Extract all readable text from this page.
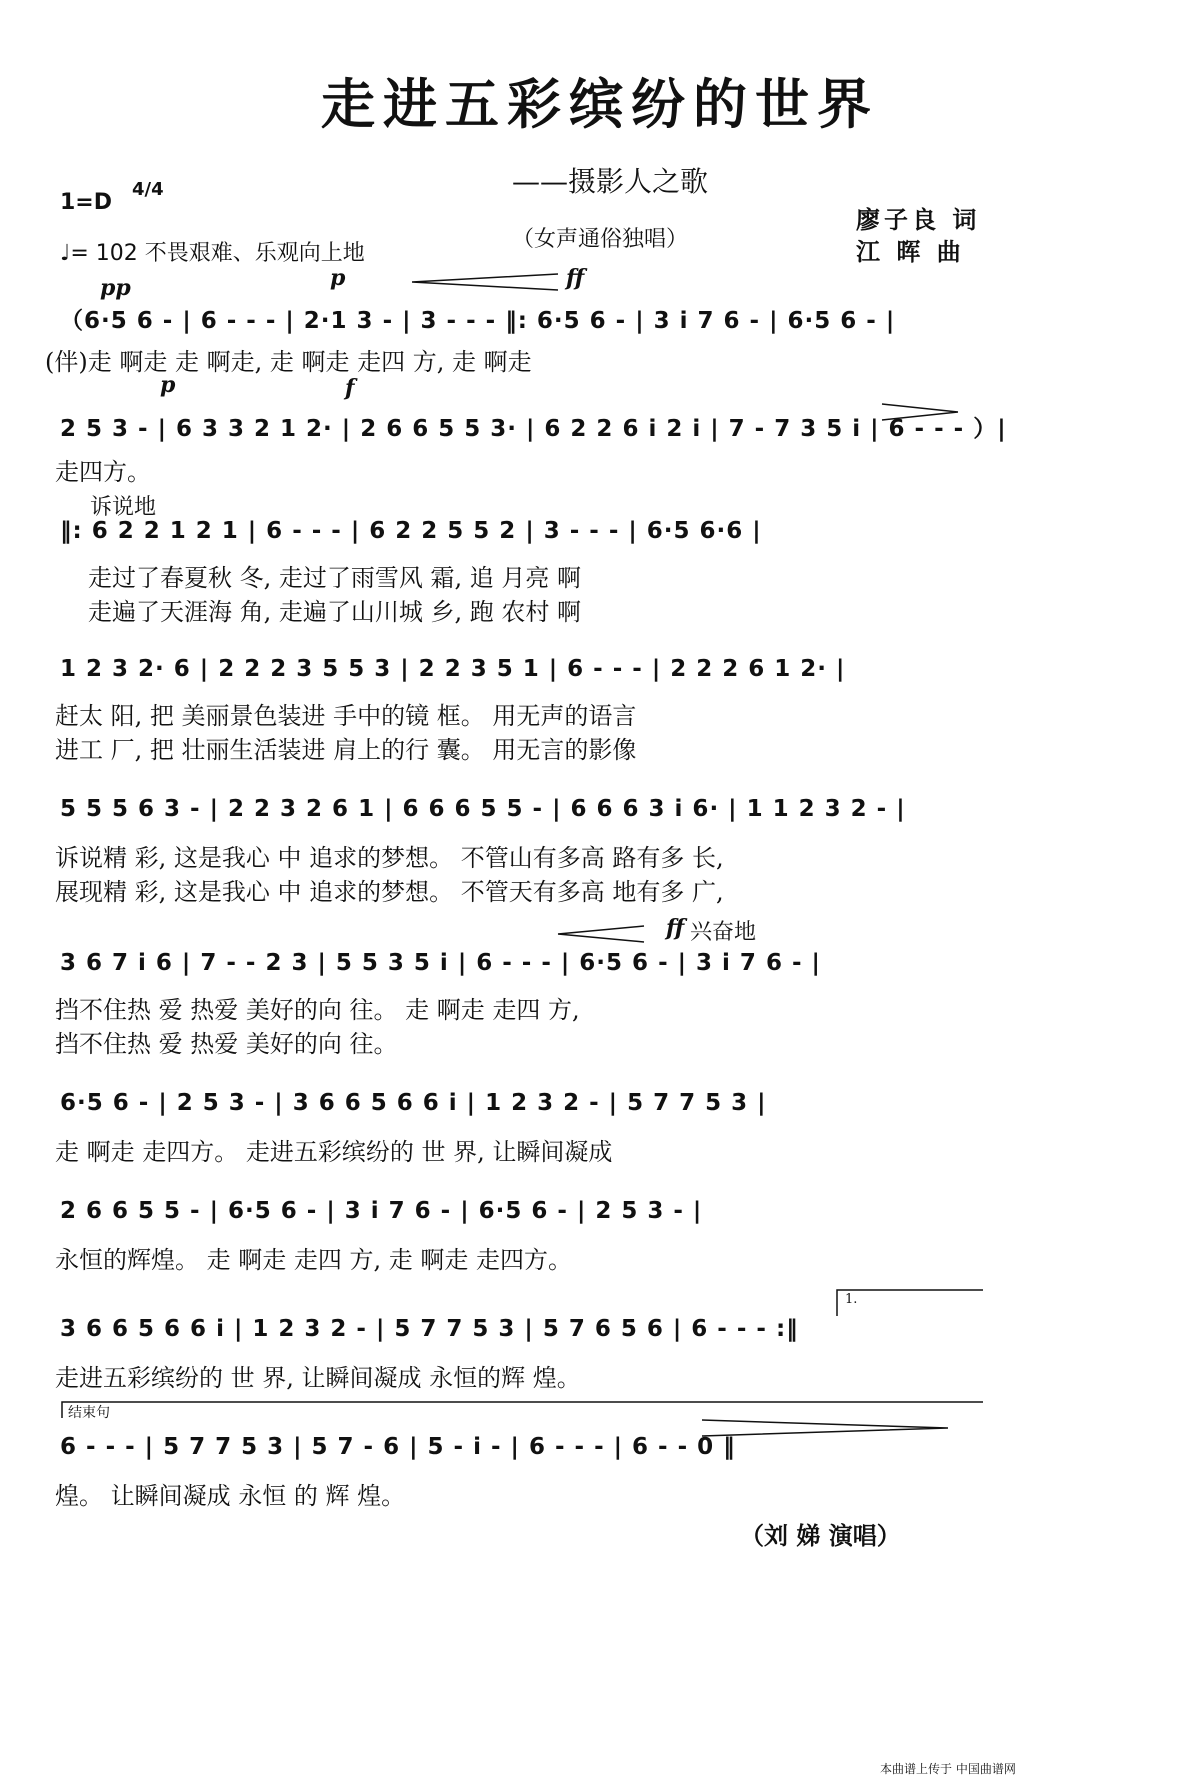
走进五彩缤纷的世界
——摄影人之歌
（女声通俗独唱）
1=D
4/4
♩= 102 不畏艰难、乐观向上地
廖子良 词
江 晖 曲
pp	p	ff
p	f
诉说地
ff 兴奋地
1.
结束句
（6·5 6 - | 6 - - - | 2·1 3 - | 3 - - - ‖: 6·5 6 - | 3 i 7 6 - | 6·5 6 - |
(伴)走 啊走 走 啊走, 走 啊走 走四 方, 走 啊走
2 5 3 - | 6 3 3 2 1 2· | 2 6 6 5 5 3· | 6 2 2 6 i 2 i | 7 - 7 3 5 i | 6 - - - ）|
走四方。
‖: 6 2 2 1 2 1 | 6 - - - | 6 2 2 5 5 2 | 3 - - - | 6·5 6·6 |
走过了春夏秋 冬, 走过了雨雪风 霜, 追 月亮 啊
走遍了天涯海 角, 走遍了山川城 乡, 跑 农村 啊
1 2 3 2· 6 | 2 2 2 3 5 5 3 | 2 2 3 5 1 | 6 - - - | 2 2 2 6 1 2· |
赶太 阳, 把 美丽景色装进 手中的镜 框。 用无声的语言
进工 厂, 把 壮丽生活装进 肩上的行 囊。 用无言的影像
5 5 5 6 3 - | 2 2 3 2 6 1 | 6 6 6 5 5 - | 6 6 6 3 i 6· | 1 1 2 3 2 - |
诉说精 彩, 这是我心 中 追求的梦想。 不管山有多高 路有多 长,
展现精 彩, 这是我心 中 追求的梦想。 不管天有多高 地有多 广,
3 6 7 i 6 | 7 - - 2 3 | 5 5 3 5 i | 6 - - - | 6·5 6 - | 3 i 7 6 - |
挡不住热 爱 热爱 美好的向 往。 走 啊走 走四 方,
挡不住热 爱 热爱 美好的向 往。
6·5 6 - | 2 5 3 - | 3 6 6 5 6 6 i | 1 2 3 2 - | 5 7 7 5 3 |
走 啊走 走四方。 走进五彩缤纷的 世 界, 让瞬间凝成
2 6 6 5 5 - | 6·5 6 - | 3 i 7 6 - | 6·5 6 - | 2 5 3 - |
永恒的辉煌。 走 啊走 走四 方, 走 啊走 走四方。
3 6 6 5 6 6 i | 1 2 3 2 - | 5 7 7 5 3 | 5 7 6 5 6 | 6 - - - :‖
走进五彩缤纷的 世 界, 让瞬间凝成 永恒的辉 煌。
6 - - - | 5 7 7 5 3 | 5 7 - 6 | 5 - i - | 6 - - - | 6 - - 0 ‖
煌。 让瞬间凝成 永恒 的 辉 煌。
（刘 娣 演唱）
本曲谱上传于 中国曲谱网
